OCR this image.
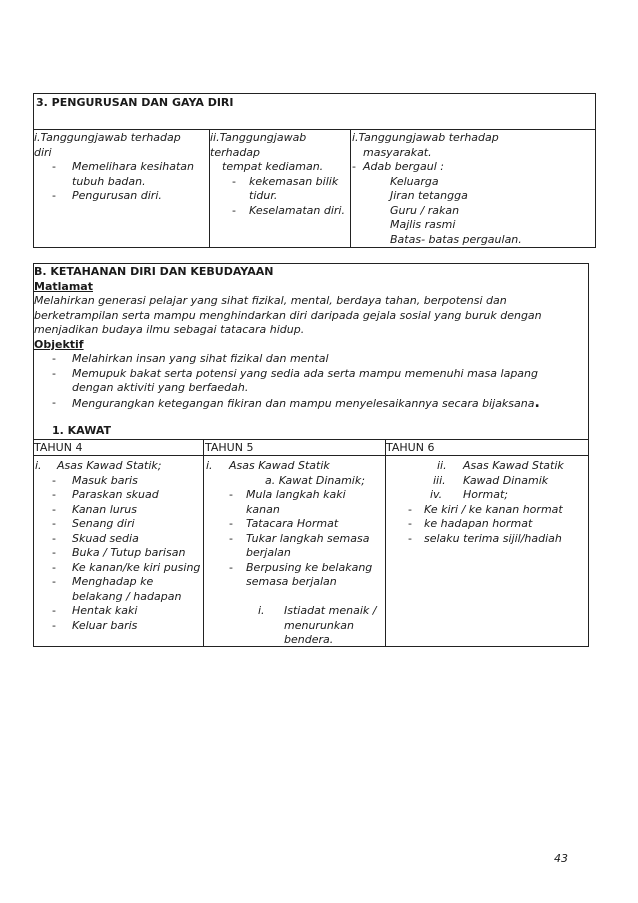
3. PENGURUSAN DAN GAYA DIRI
i.Tanggungjawab terhadap
diri
- Memelihara kesihatan
tubuh badan.
- Pengurusan diri.
ii.Tanggungjawab
terhadap
tempat kediaman.
- kekemasan bilik
tidur.
- Keselamatan diri.
i.Tanggungjawab terhadap
masyarakat.
- Adab bergaul :
Keluarga
Jiran tetangga
Guru / rakan
Majlis rasmi
Batas- batas pergaulan.
B. KETAHANAN DIRI DAN KEBUDAYAAN
Matlamat
Melahirkan generasi pelajar yang sihat fizikal, mental, berdaya tahan, berpotensi dan
berketrampilan serta mampu menghindarkan diri daripada gejala sosial yang buruk dengan
menjadikan budaya ilmu sebagai tatacara hidup.
Objektif
- Melahirkan insan yang sihat fizikal dan mental
- Memupuk bakat serta potensi yang sedia ada serta mampu memenuhi masa lapang
dengan aktiviti yang berfaedah.
- Mengurangkan ketegangan fikiran dan mampu menyelesaikannya secara bijaksana.
1. KAWAT
TAHUN 4	TAHUN 5	TAHUN 6
i. Asas Kawad Statik;
- Masuk baris
- Paraskan skuad
- Kanan lurus
- Senang diri
- Skuad sedia
- Buka / Tutup barisan
- Ke kanan/ke kiri pusing
- Menghadap ke
belakang / hadapan
- Hentak kaki
- Keluar baris
i. Asas Kawad Statik
a. Kawat Dinamik;
- Mula langkah kaki
kanan
- Tatacara Hormat
- Tukar langkah semasa
berjalan
- Berpusing ke belakang
semasa berjalan
i. Istiadat menaik /
menurunkan
bendera.
ii. Asas Kawad Statik
iii. Kawad Dinamik
iv. Hormat;
- Ke kiri / ke kanan hormat
- ke hadapan hormat
- selaku terima sijil/hadiah
43
